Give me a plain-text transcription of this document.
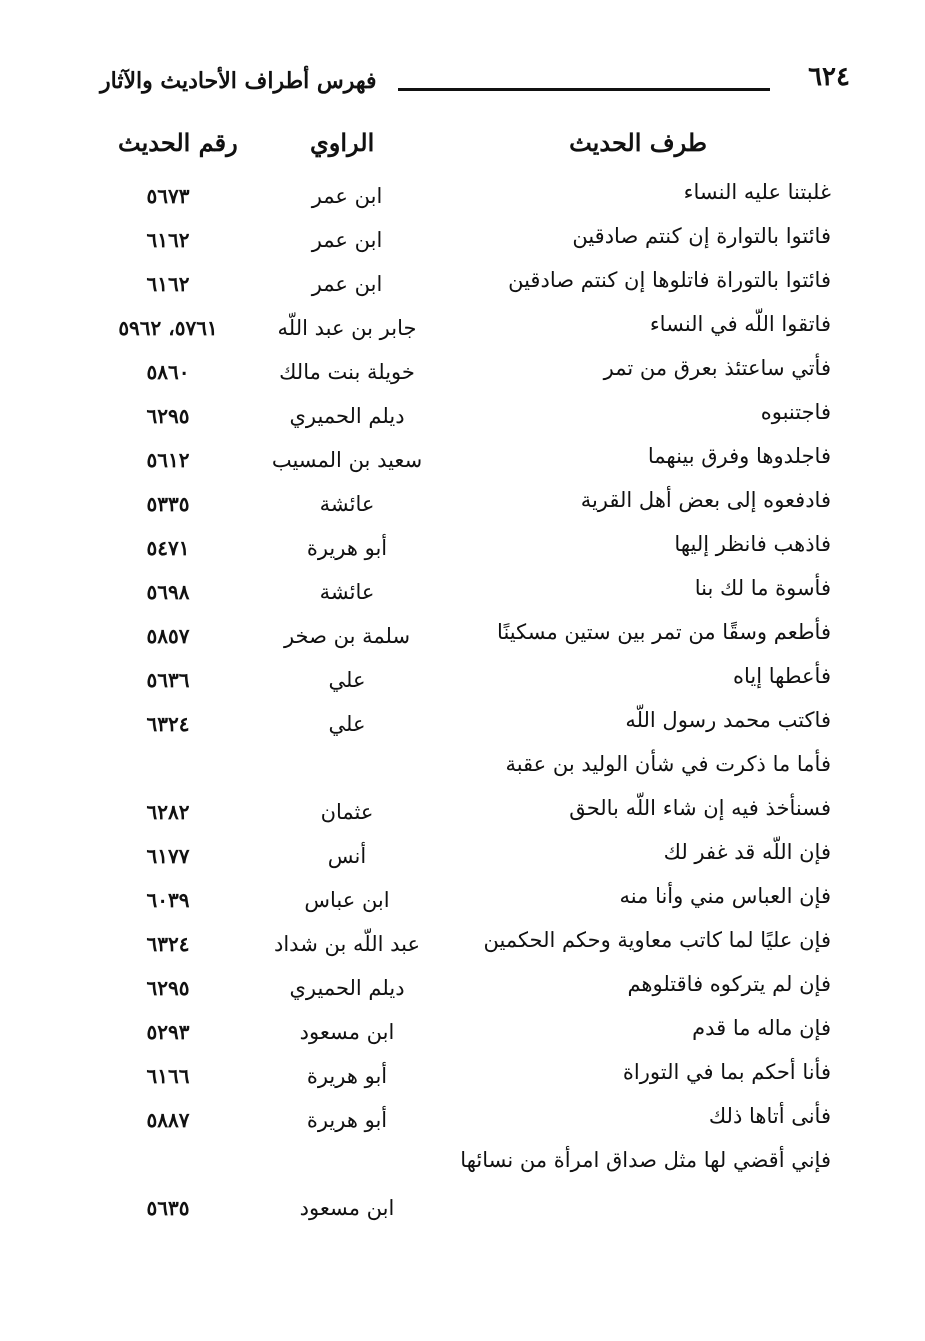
٦٢٤
فهرس أطراف الأحاديث والآثار
طرف الحديث
الراوي
رقم الحديث
غلبتنا عليه النساء
ابن عمر
٥٦٧٣
فائتوا بالتوارة إن كنتم صادقين
ابن عمر
٦١٦٢
فائتوا بالتوراة فاتلوها إن كنتم صادقين
ابن عمر
٦١٦٢
فاتقوا اللّه في النساء
جابر بن عبد اللّه
٥٧٦١، ٥٩٦٢
فأتي ساعتئذ بعرق من تمر
خويلة بنت مالك
٥٨٦٠
فاجتنبوه
ديلم الحميري
٦٢٩٥
فاجلدوها وفرق بينهما
سعيد بن المسيب
٥٦١٢
فادفعوه إلى بعض أهل القرية
عائشة
٥٣٣٥
فاذهب فانظر إليها
أبو هريرة
٥٤٧١
فأسوة ما لك بنا
عائشة
٥٦٩٨
فأطعم وسقًا من تمر بين ستين مسكينًا
سلمة بن صخر
٥٨٥٧
فأعطها إياه
علي
٥٦٣٦
فاكتب محمد رسول اللّه
علي
٦٣٢٤
فأما ما ذكرت في شأن الوليد بن عقبة
فسنأخذ فيه إن شاء اللّه بالحق
عثمان
٦٢٨٢
فإن اللّه قد غفر لك
أنس
٦١٧٧
فإن العباس مني وأنا منه
ابن عباس
٦٠٣٩
فإن عليًا لما كاتب معاوية وحكم الحكمين
عبد اللّه بن شداد
٦٣٢٤
فإن لم يتركوه فاقتلوهم
ديلم الحميري
٦٢٩٥
فإن ماله ما قدم
ابن مسعود
٥٢٩٣
فأنا أحكم بما في التوراة
أبو هريرة
٦١٦٦
فأنى أتاها ذلك
أبو هريرة
٥٨٨٧
فإني أقضي لها مثل صداق امرأة من نسائها
ابن مسعود
٥٦٣٥
